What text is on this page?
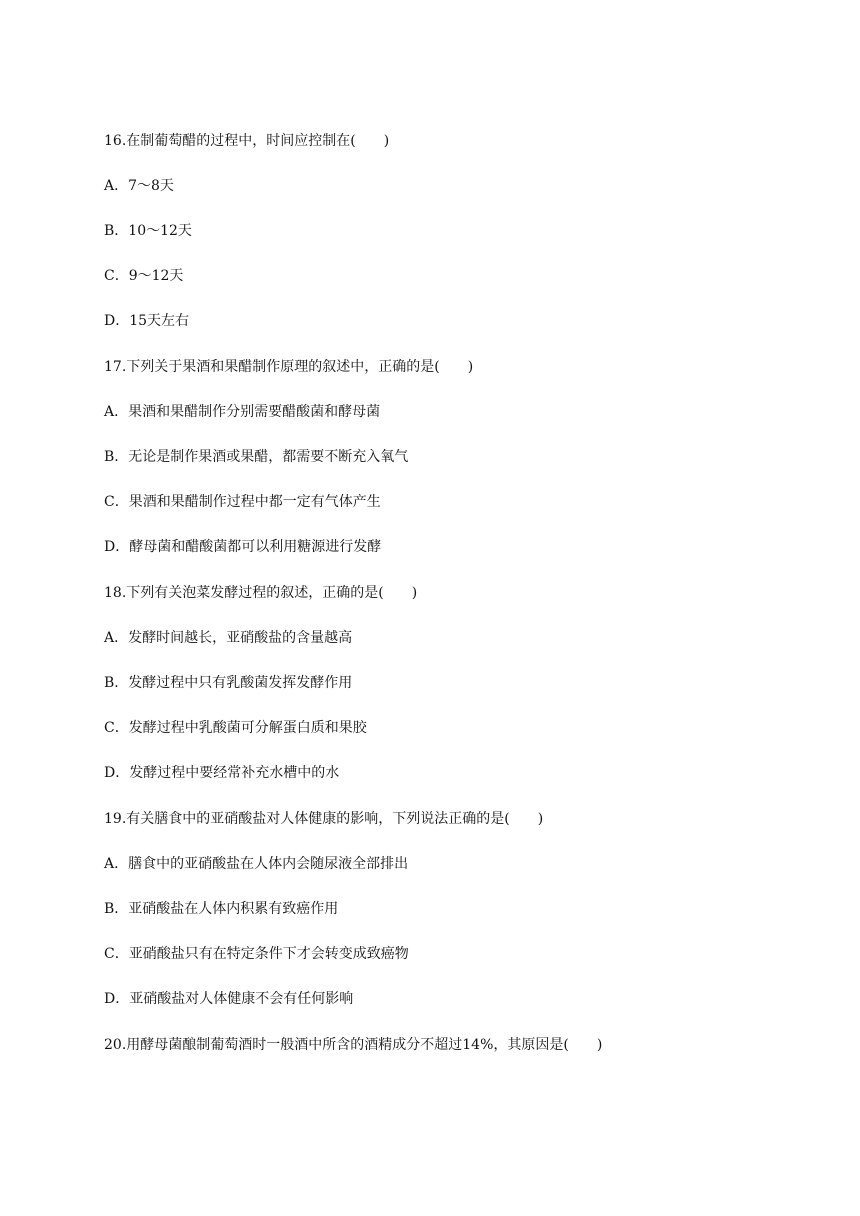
16.在制葡萄醋的过程中，时间应控制在(　　)
A．7～8天
B．10～12天
C．9～12天
D．15天左右
17.下列关于果酒和果醋制作原理的叙述中，正确的是(　　)
A．果酒和果醋制作分别需要醋酸菌和酵母菌
B．无论是制作果酒或果醋，都需要不断充入氧气
C．果酒和果醋制作过程中都一定有气体产生
D．酵母菌和醋酸菌都可以利用糖源进行发酵
18.下列有关泡菜发酵过程的叙述，正确的是(　　)
A．发酵时间越长，亚硝酸盐的含量越高
B．发酵过程中只有乳酸菌发挥发酵作用
C．发酵过程中乳酸菌可分解蛋白质和果胶
D．发酵过程中要经常补充水槽中的水
19.有关膳食中的亚硝酸盐对人体健康的影响，下列说法正确的是(　　)
A．膳食中的亚硝酸盐在人体内会随尿液全部排出
B．亚硝酸盐在人体内积累有致癌作用
C．亚硝酸盐只有在特定条件下才会转变成致癌物
D．亚硝酸盐对人体健康不会有任何影响
20.用酵母菌酿制葡萄酒时一般酒中所含的酒精成分不超过14%，其原因是(　　)
